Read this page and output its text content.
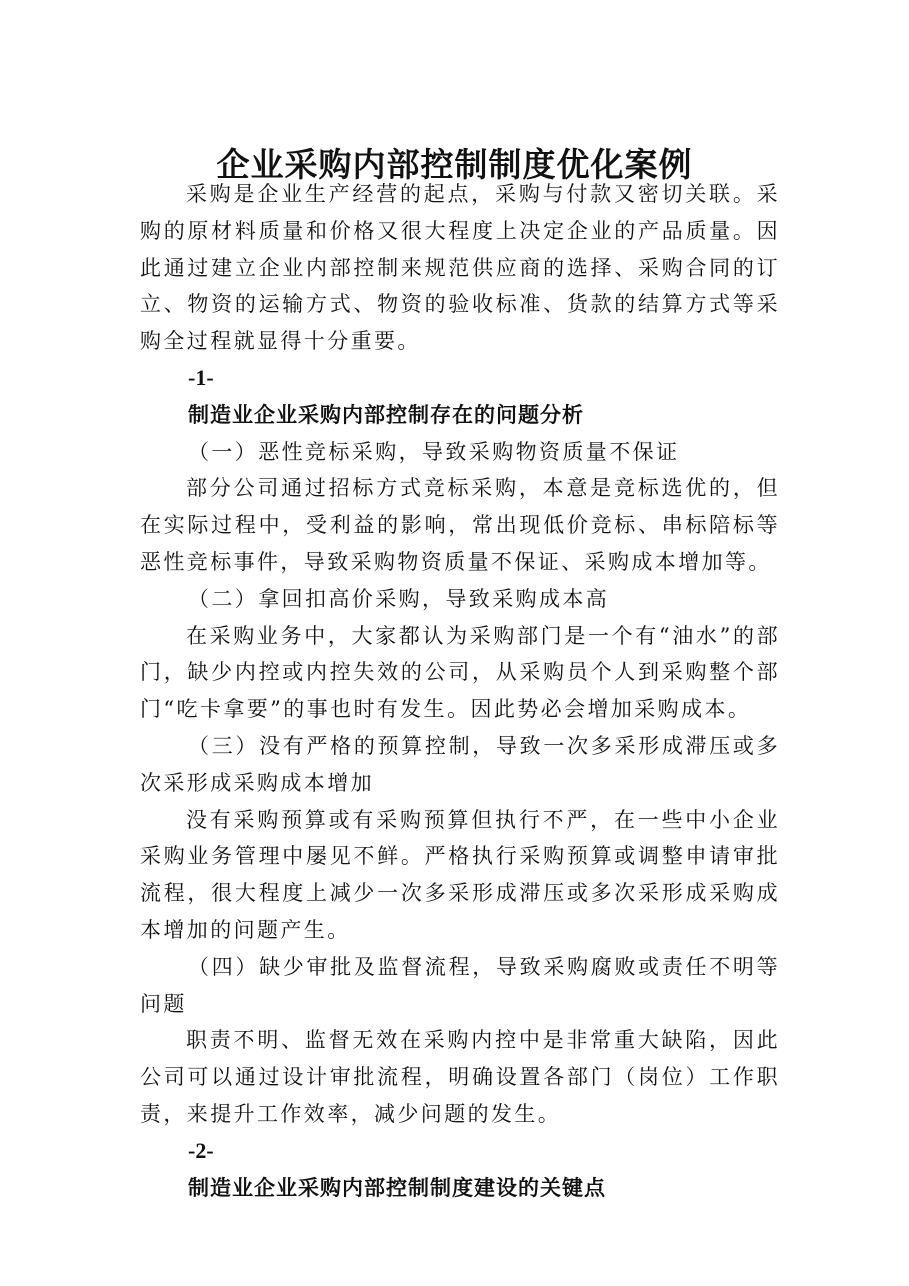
企业采购内部控制制度优化案例

采购是企业生产经营的起点，采购与付款又密切关联。采购的原材料质量和价格又很大程度上决定企业的产品质量。因此通过建立企业内部控制来规范供应商的选择、采购合同的订立、物资的运输方式、物资的验收标准、货款的结算方式等采购全过程就显得十分重要。

-1-
制造业企业采购内部控制存在的问题分析

（一）恶性竞标采购，导致采购物资质量不保证

部分公司通过招标方式竞标采购，本意是竞标选优的，但在实际过程中，受利益的影响，常出现低价竞标、串标陪标等恶性竞标事件，导致采购物资质量不保证、采购成本增加等。

（二）拿回扣高价采购，导致采购成本高

在采购业务中，大家都认为采购部门是一个有“油水”的部门，缺少内控或内控失效的公司，从采购员个人到采购整个部门“吃卡拿要”的事也时有发生。因此势必会增加采购成本。

（三）没有严格的预算控制，导致一次多采形成滞压或多次采形成采购成本增加

没有采购预算或有采购预算但执行不严，在一些中小企业采购业务管理中屡见不鲜。严格执行采购预算或调整申请审批流程，很大程度上减少一次多采形成滞压或多次采形成采购成本增加的问题产生。

（四）缺少审批及监督流程，导致采购腐败或责任不明等问题

职责不明、监督无效在采购内控中是非常重大缺陷，因此公司可以通过设计审批流程，明确设置各部门（岗位）工作职责，来提升工作效率，减少问题的发生。

-2-
制造业企业采购内部控制制度建设的关键点
